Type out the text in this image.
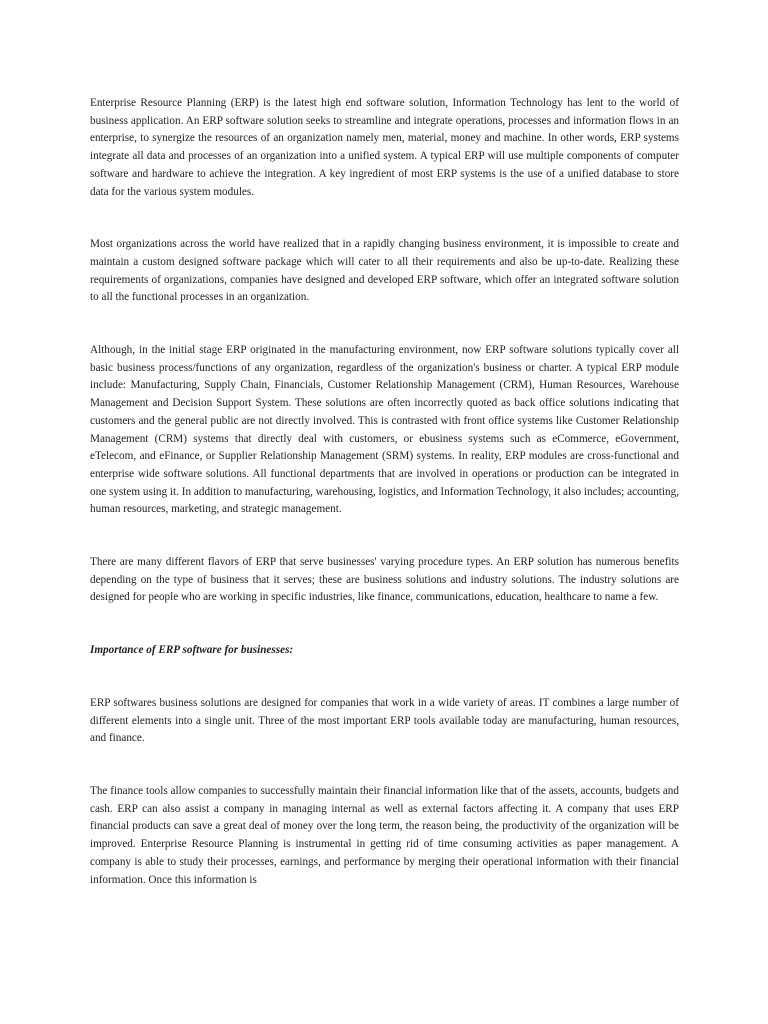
Enterprise Resource Planning (ERP) is the latest high end software solution, Information Technology has lent to the world of business application. An ERP software solution seeks to streamline and integrate operations, processes and information flows in an enterprise, to synergize the resources of an organization namely men, material, money and machine. In other words, ERP systems integrate all data and processes of an organization into a unified system. A typical ERP will use multiple components of computer software and hardware to achieve the integration. A key ingredient of most ERP systems is the use of a unified database to store data for the various system modules.

Most organizations across the world have realized that in a rapidly changing business environment, it is impossible to create and maintain a custom designed software package which will cater to all their requirements and also be up-to-date. Realizing these requirements of organizations, companies have designed and developed ERP software, which offer an integrated software solution to all the functional processes in an organization.

Although, in the initial stage ERP originated in the manufacturing environment, now ERP software solutions typically cover all basic business process/functions of any organization, regardless of the organization's business or charter. A typical ERP module include: Manufacturing, Supply Chain, Financials, Customer Relationship Management (CRM), Human Resources, Warehouse Management and Decision Support System. These solutions are often incorrectly quoted as back office solutions indicating that customers and the general public are not directly involved. This is contrasted with front office systems like Customer Relationship Management (CRM) systems that directly deal with customers, or ebusiness systems such as eCommerce, eGovernment, eTelecom, and eFinance, or Supplier Relationship Management (SRM) systems. In reality, ERP modules are cross-functional and enterprise wide software solutions. All functional departments that are involved in operations or production can be integrated in one system using it. In addition to manufacturing, warehousing, logistics, and Information Technology, it also includes; accounting, human resources, marketing, and strategic management.

There are many different flavors of ERP that serve businesses' varying procedure types. An ERP solution has numerous benefits depending on the type of business that it serves; these are business solutions and industry solutions. The industry solutions are designed for people who are working in specific industries, like finance, communications, education, healthcare to name a few.

Importance of ERP software for businesses:

ERP softwares business solutions are designed for companies that work in a wide variety of areas. IT combines a large number of different elements into a single unit. Three of the most important ERP tools available today are manufacturing, human resources, and finance.

The finance tools allow companies to successfully maintain their financial information like that of the assets, accounts, budgets and cash. ERP can also assist a company in managing internal as well as external factors affecting it. A company that uses ERP financial products can save a great deal of money over the long term, the reason being, the productivity of the organization will be improved. Enterprise Resource Planning is instrumental in getting rid of time consuming activities as paper management. A company is able to study their processes, earnings, and performance by merging their operational information with their financial information. Once this information is
